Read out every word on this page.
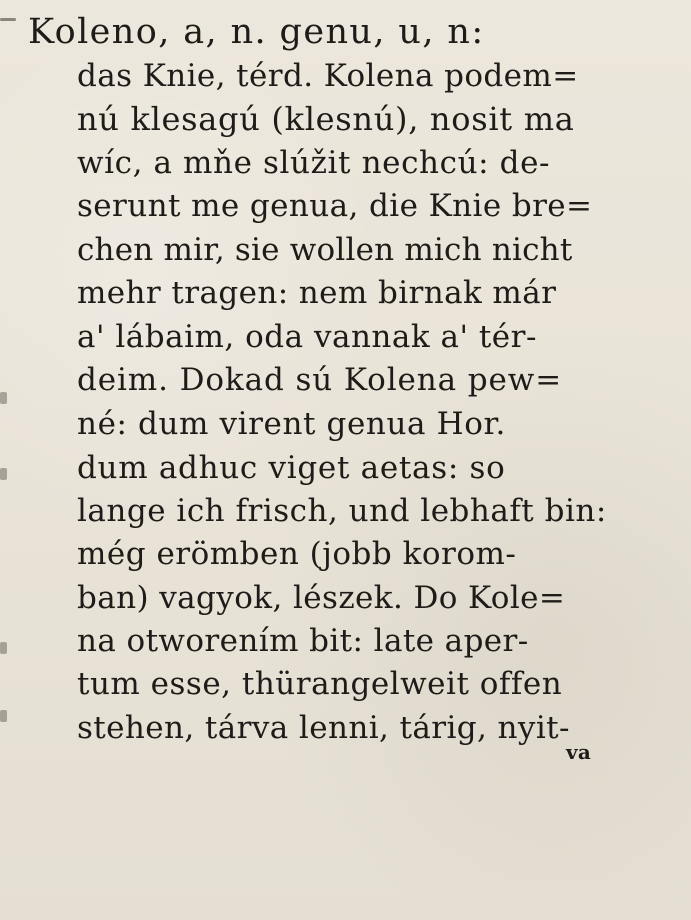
Koleno, a, n. genu, u, n:
das Knie, térd. Kolena podem=
nú klesagú (klesnú), nosit ma
wíc, a mňe slúžit nechcú: de-
serunt me genua, die Knie bre=
chen mir, sie wollen mich nicht
mehr tragen: nem birnak már
a' lábaim, oda vannak a' tér-
deim. Dokad sú Kolena pew=
né: dum virent genua Hor.
dum adhuc viget aetas: so
lange ich frisch, und lebhaft bin:
még erömben (jobb korom-
ban) vagyok, lészek. Do Kole=
na otworením bit: late aper-
tum esse, thürangelweit offen
stehen, tárva lenni, tárig, nyit-
va
